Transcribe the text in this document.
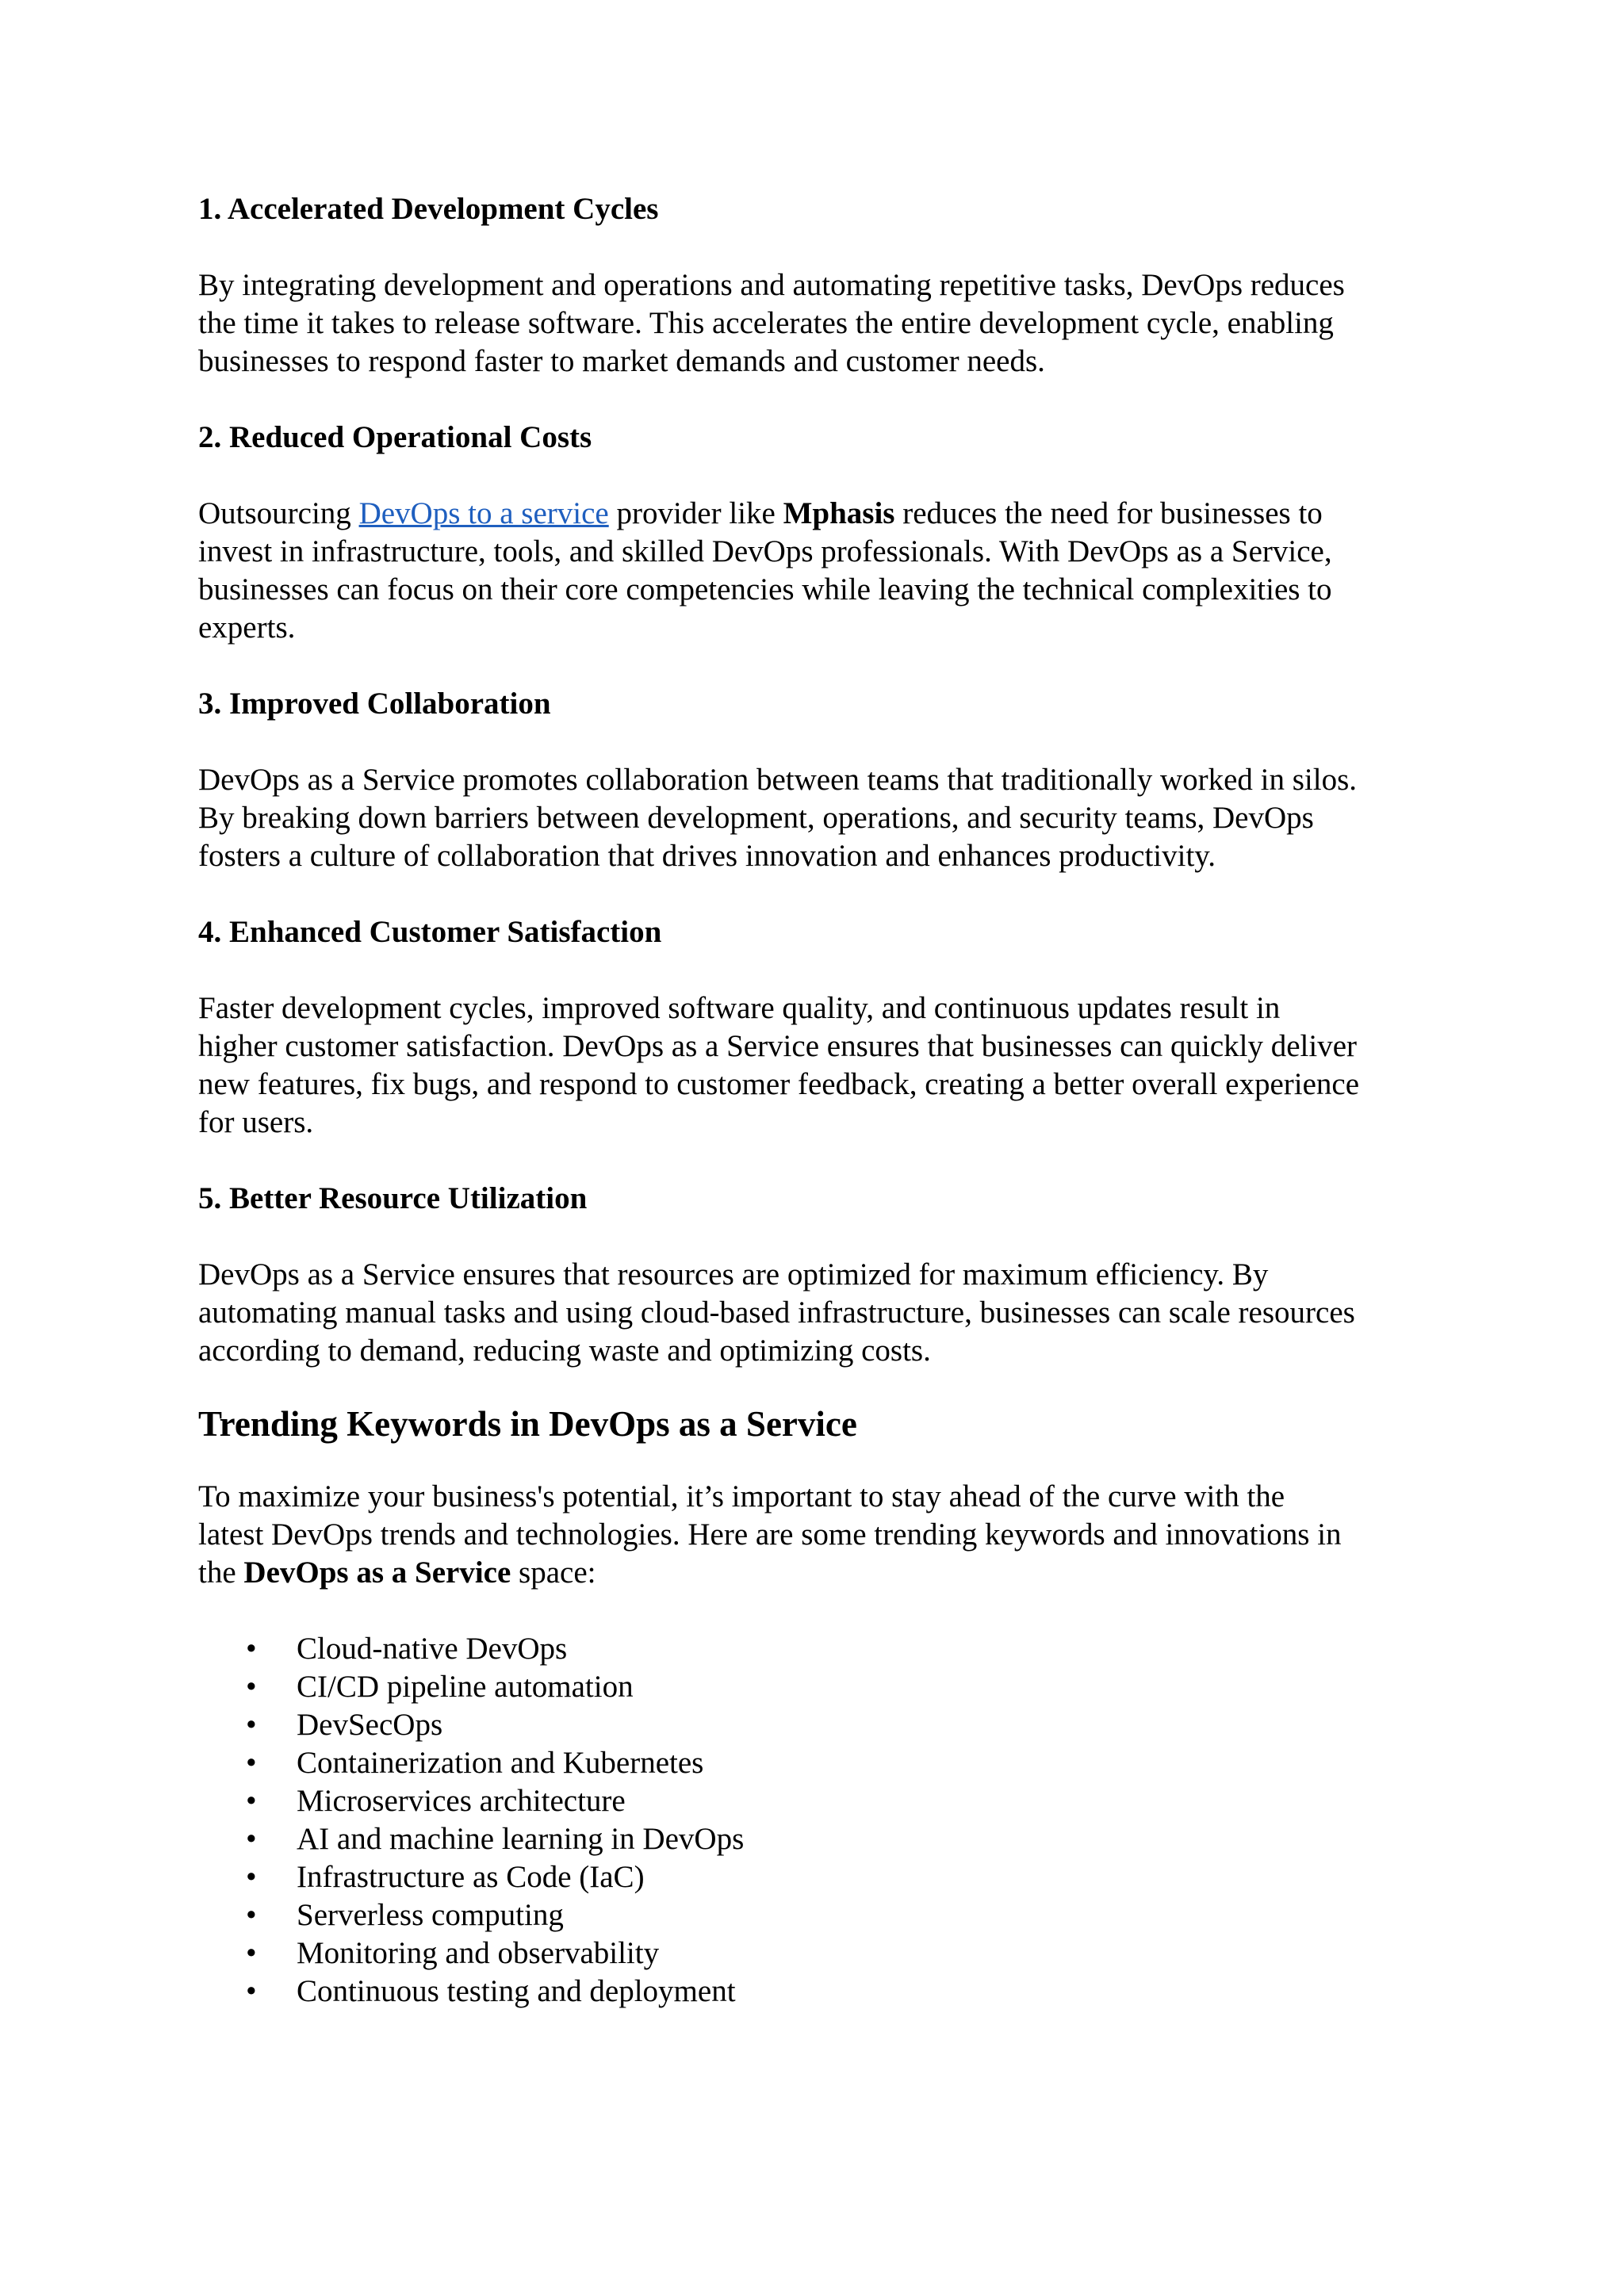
1. Accelerated Development Cycles

By integrating development and operations and automating repetitive tasks, DevOps reduces
the time it takes to release software. This accelerates the entire development cycle, enabling
businesses to respond faster to market demands and customer needs.

2. Reduced Operational Costs

Outsourcing DevOps to a service provider like Mphasis reduces the need for businesses to
invest in infrastructure, tools, and skilled DevOps professionals. With DevOps as a Service,
businesses can focus on their core competencies while leaving the technical complexities to
experts.

3. Improved Collaboration

DevOps as a Service promotes collaboration between teams that traditionally worked in silos.
By breaking down barriers between development, operations, and security teams, DevOps
fosters a culture of collaboration that drives innovation and enhances productivity.

4. Enhanced Customer Satisfaction

Faster development cycles, improved software quality, and continuous updates result in
higher customer satisfaction. DevOps as a Service ensures that businesses can quickly deliver
new features, fix bugs, and respond to customer feedback, creating a better overall experience
for users.

5. Better Resource Utilization

DevOps as a Service ensures that resources are optimized for maximum efficiency. By
automating manual tasks and using cloud-based infrastructure, businesses can scale resources
according to demand, reducing waste and optimizing costs.

Trending Keywords in DevOps as a Service

To maximize your business's potential, it’s important to stay ahead of the curve with the
latest DevOps trends and technologies. Here are some trending keywords and innovations in
the DevOps as a Service space:

• Cloud-native DevOps
• CI/CD pipeline automation
• DevSecOps
• Containerization and Kubernetes
• Microservices architecture
• AI and machine learning in DevOps
• Infrastructure as Code (IaC)
• Serverless computing
• Monitoring and observability
• Continuous testing and deployment
